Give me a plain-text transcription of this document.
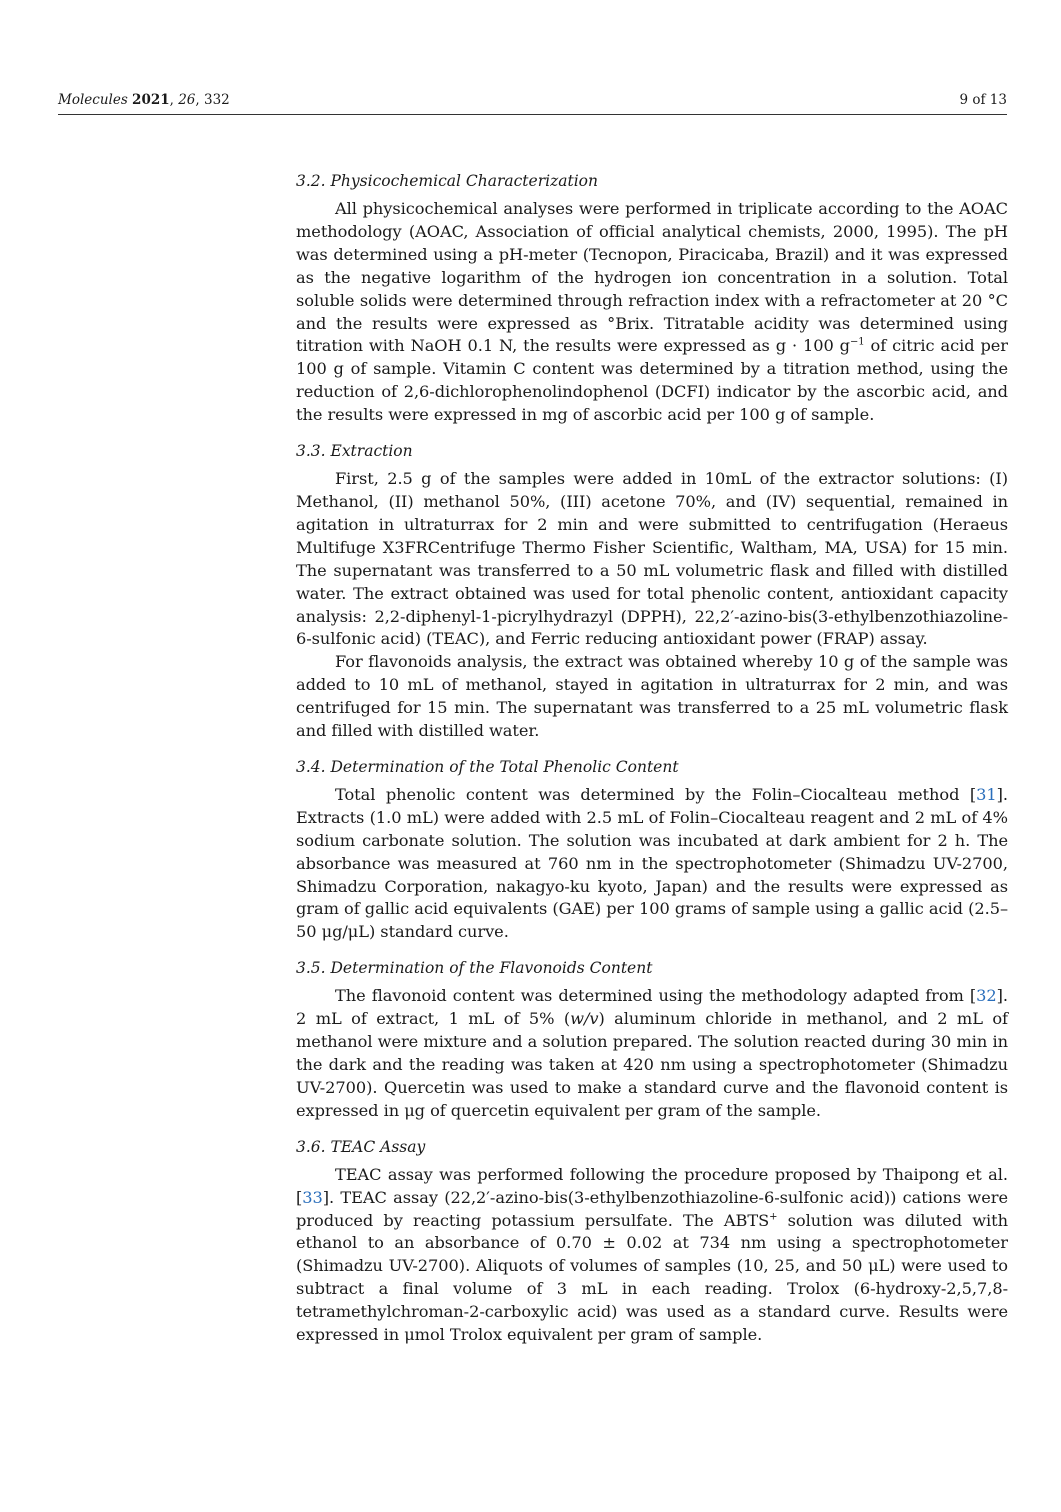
Molecules 2021, 26, 332	9 of 13
3.2. Physicochemical Characterization

All physicochemical analyses were performed in triplicate according to the AOAC methodology (AOAC, Association of official analytical chemists, 2000, 1995). The pH was determined using a pH-meter (Tecnopon, Piracicaba, Brazil) and it was expressed as the negative logarithm of the hydrogen ion concentration in a solution. Total soluble solids were determined through refraction index with a refractometer at 20 °C and the results were expressed as °Brix. Titratable acidity was determined using titration with NaOH 0.1 N, the results were expressed as g · 100 $g^{-1}$ of citric acid per 100 g of sample. Vitamin C content was determined by a titration method, using the reduction of 2,6-dichlorophenolindophenol (DCFI) indicator by the ascorbic acid, and the results were expressed in mg of ascorbic acid per 100 g of sample.

3.3. Extraction

First, 2.5 g of the samples were added in 10mL of the extractor solutions: (I) Methanol, (II) methanol 50%, (III) acetone 70%, and (IV) sequential, remained in agitation in ultraturrax for 2 min and were submitted to centrifugation (Heraeus Multifuge X3FRCentrifuge Thermo Fisher Scientific, Waltham, MA, USA) for 15 min. The supernatant was transferred to a 50 mL volumetric flask and filled with distilled water. The extract obtained was used for total phenolic content, antioxidant capacity analysis: 2,2-diphenyl-1-picrylhydrazyl (DPPH), 22,2′-azino-bis(3-ethylbenzothiazoline-6-sulfonic acid) (TEAC), and Ferric reducing antioxidant power (FRAP) assay.

For flavonoids analysis, the extract was obtained whereby 10 g of the sample was added to 10 mL of methanol, stayed in agitation in ultraturrax for 2 min, and was centrifuged for 15 min. The supernatant was transferred to a 25 mL volumetric flask and filled with distilled water.

3.4. Determination of the Total Phenolic Content

Total phenolic content was determined by the Folin–Ciocalteau method [31]. Extracts (1.0 mL) were added with 2.5 mL of Folin–Ciocalteau reagent and 2 mL of 4% sodium carbonate solution. The solution was incubated at dark ambient for 2 h. The absorbance was measured at 760 nm in the spectrophotometer (Shimadzu UV-2700, Shimadzu Corporation, nakagyo-ku kyoto, Japan) and the results were expressed as gram of gallic acid equivalents (GAE) per 100 grams of sample using a gallic acid (2.5–50 μg/μL) standard curve.

3.5. Determination of the Flavonoids Content

The flavonoid content was determined using the methodology adapted from [32]. 2 mL of extract, 1 mL of 5% (w/v) aluminum chloride in methanol, and 2 mL of methanol were mixture and a solution prepared. The solution reacted during 30 min in the dark and the reading was taken at 420 nm using a spectrophotometer (Shimadzu UV-2700). Quercetin was used to make a standard curve and the flavonoid content is expressed in μg of quercetin equivalent per gram of the sample.

3.6. TEAC Assay

TEAC assay was performed following the procedure proposed by Thaipong et al. [33]. TEAC assay (22,2′-azino-bis(3-ethylbenzothiazoline-6-sulfonic acid)) cations were produced by reacting potassium persulfate. The ABTS+ solution was diluted with ethanol to an absorbance of 0.70 ± 0.02 at 734 nm using a spectrophotometer (Shimadzu UV-2700). Aliquots of volumes of samples (10, 25, and 50 μL) were used to subtract a final volume of 3 mL in each reading. Trolox (6-hydroxy-2,5,7,8-tetramethylchroman-2-carboxylic acid) was used as a standard curve. Results were expressed in μmol Trolox equivalent per gram of sample.
